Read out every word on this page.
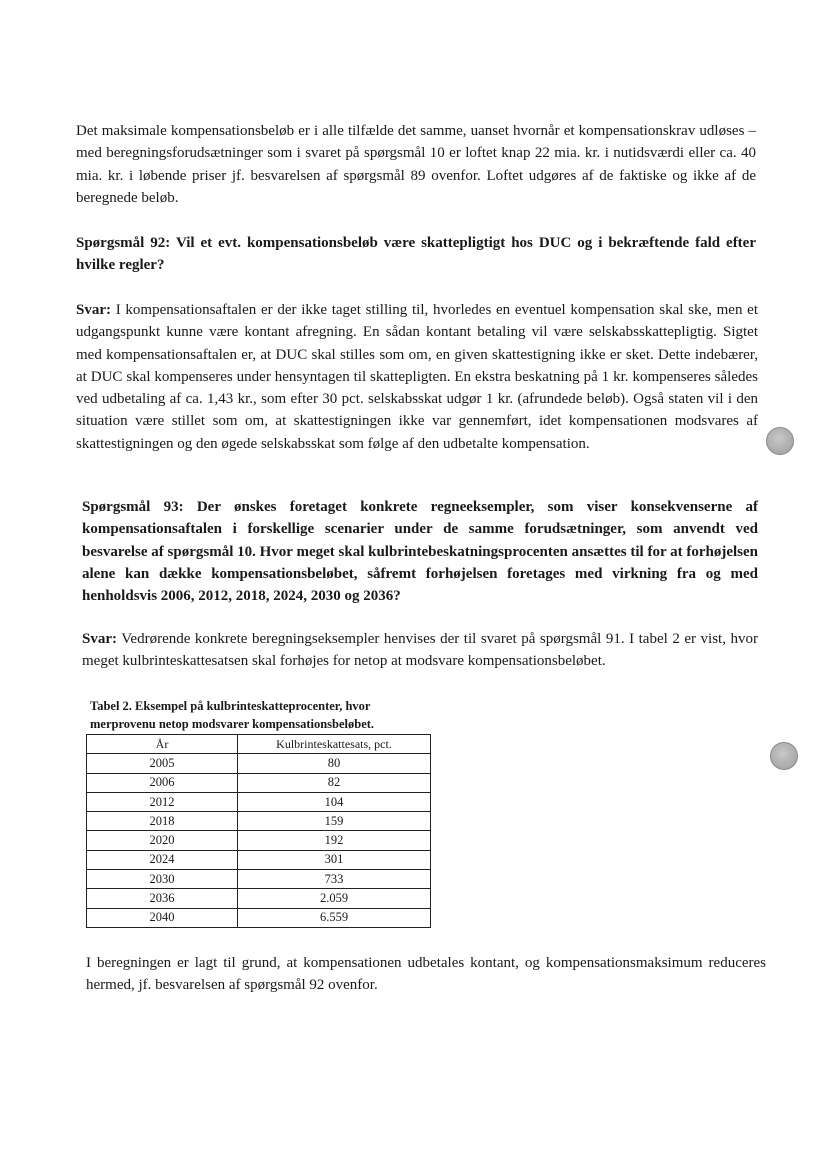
Det maksimale kompensationsbeløb er i alle tilfælde det samme, uanset hvornår et kompensationskrav udløses – med beregningsforudsætninger som i svaret på spørgsmål 10 er loftet knap 22 mia. kr. i nutidsværdi eller ca. 40 mia. kr. i løbende priser jf. besvarelsen af spørgsmål 89 ovenfor. Loftet udgøres af de faktiske og ikke af de beregnede beløb.

Spørgsmål 92: Vil et evt. kompensationsbeløb være skattepligtigt hos DUC og i bekræftende fald efter hvilke regler?

Svar: I kompensationsaftalen er der ikke taget stilling til, hvorledes en eventuel kompensation skal ske, men et udgangspunkt kunne være kontant afregning. En sådan kontant betaling vil være selskabsskattepligtig. Sigtet med kompensationsaftalen er, at DUC skal stilles som om, en given skattestigning ikke er sket. Dette indebærer, at DUC skal kompenseres under hensyntagen til skattepligten. En ekstra beskatning på 1 kr. kompenseres således ved udbetaling af ca. 1,43 kr., som efter 30 pct. selskabsskat udgør 1 kr. (afrundede beløb). Også staten vil i den situation være stillet som om, at skattestigningen ikke var gennemført, idet kompensationen modsvares af skattestigningen og den øgede selskabsskat som følge af den udbetalte kompensation.

Spørgsmål 93: Der ønskes foretaget konkrete regneeksempler, som viser konsekvenserne af kompensationsaftalen i forskellige scenarier under de samme forudsætninger, som anvendt ved besvarelse af spørgsmål 10. Hvor meget skal kulbrintebeskatningsprocenten ansættes til for at forhøjelsen alene kan dække kompensationsbeløbet, såfremt forhøjelsen foretages med virkning fra og med henholdsvis 2006, 2012, 2018, 2024, 2030 og 2036?

Svar: Vedrørende konkrete beregningseksempler henvises der til svaret på spørgsmål 91. I tabel 2 er vist, hvor meget kulbrinteskattesatsen skal forhøjes for netop at modsvare kompensationsbeløbet.

Tabel 2. Eksempel på kulbrinteskatteprocenter, hvor merprovenu netop modsvarer kompensationsbeløbet.
År	Kulbrinteskattesats, pct.
2005	80
2006	82
2012	104
2018	159
2020	192
2024	301
2030	733
2036	2.059
2040	6.559

I beregningen er lagt til grund, at kompensationen udbetales kontant, og kompensationsmaksimum reduceres hermed, jf. besvarelsen af spørgsmål 92 ovenfor.
